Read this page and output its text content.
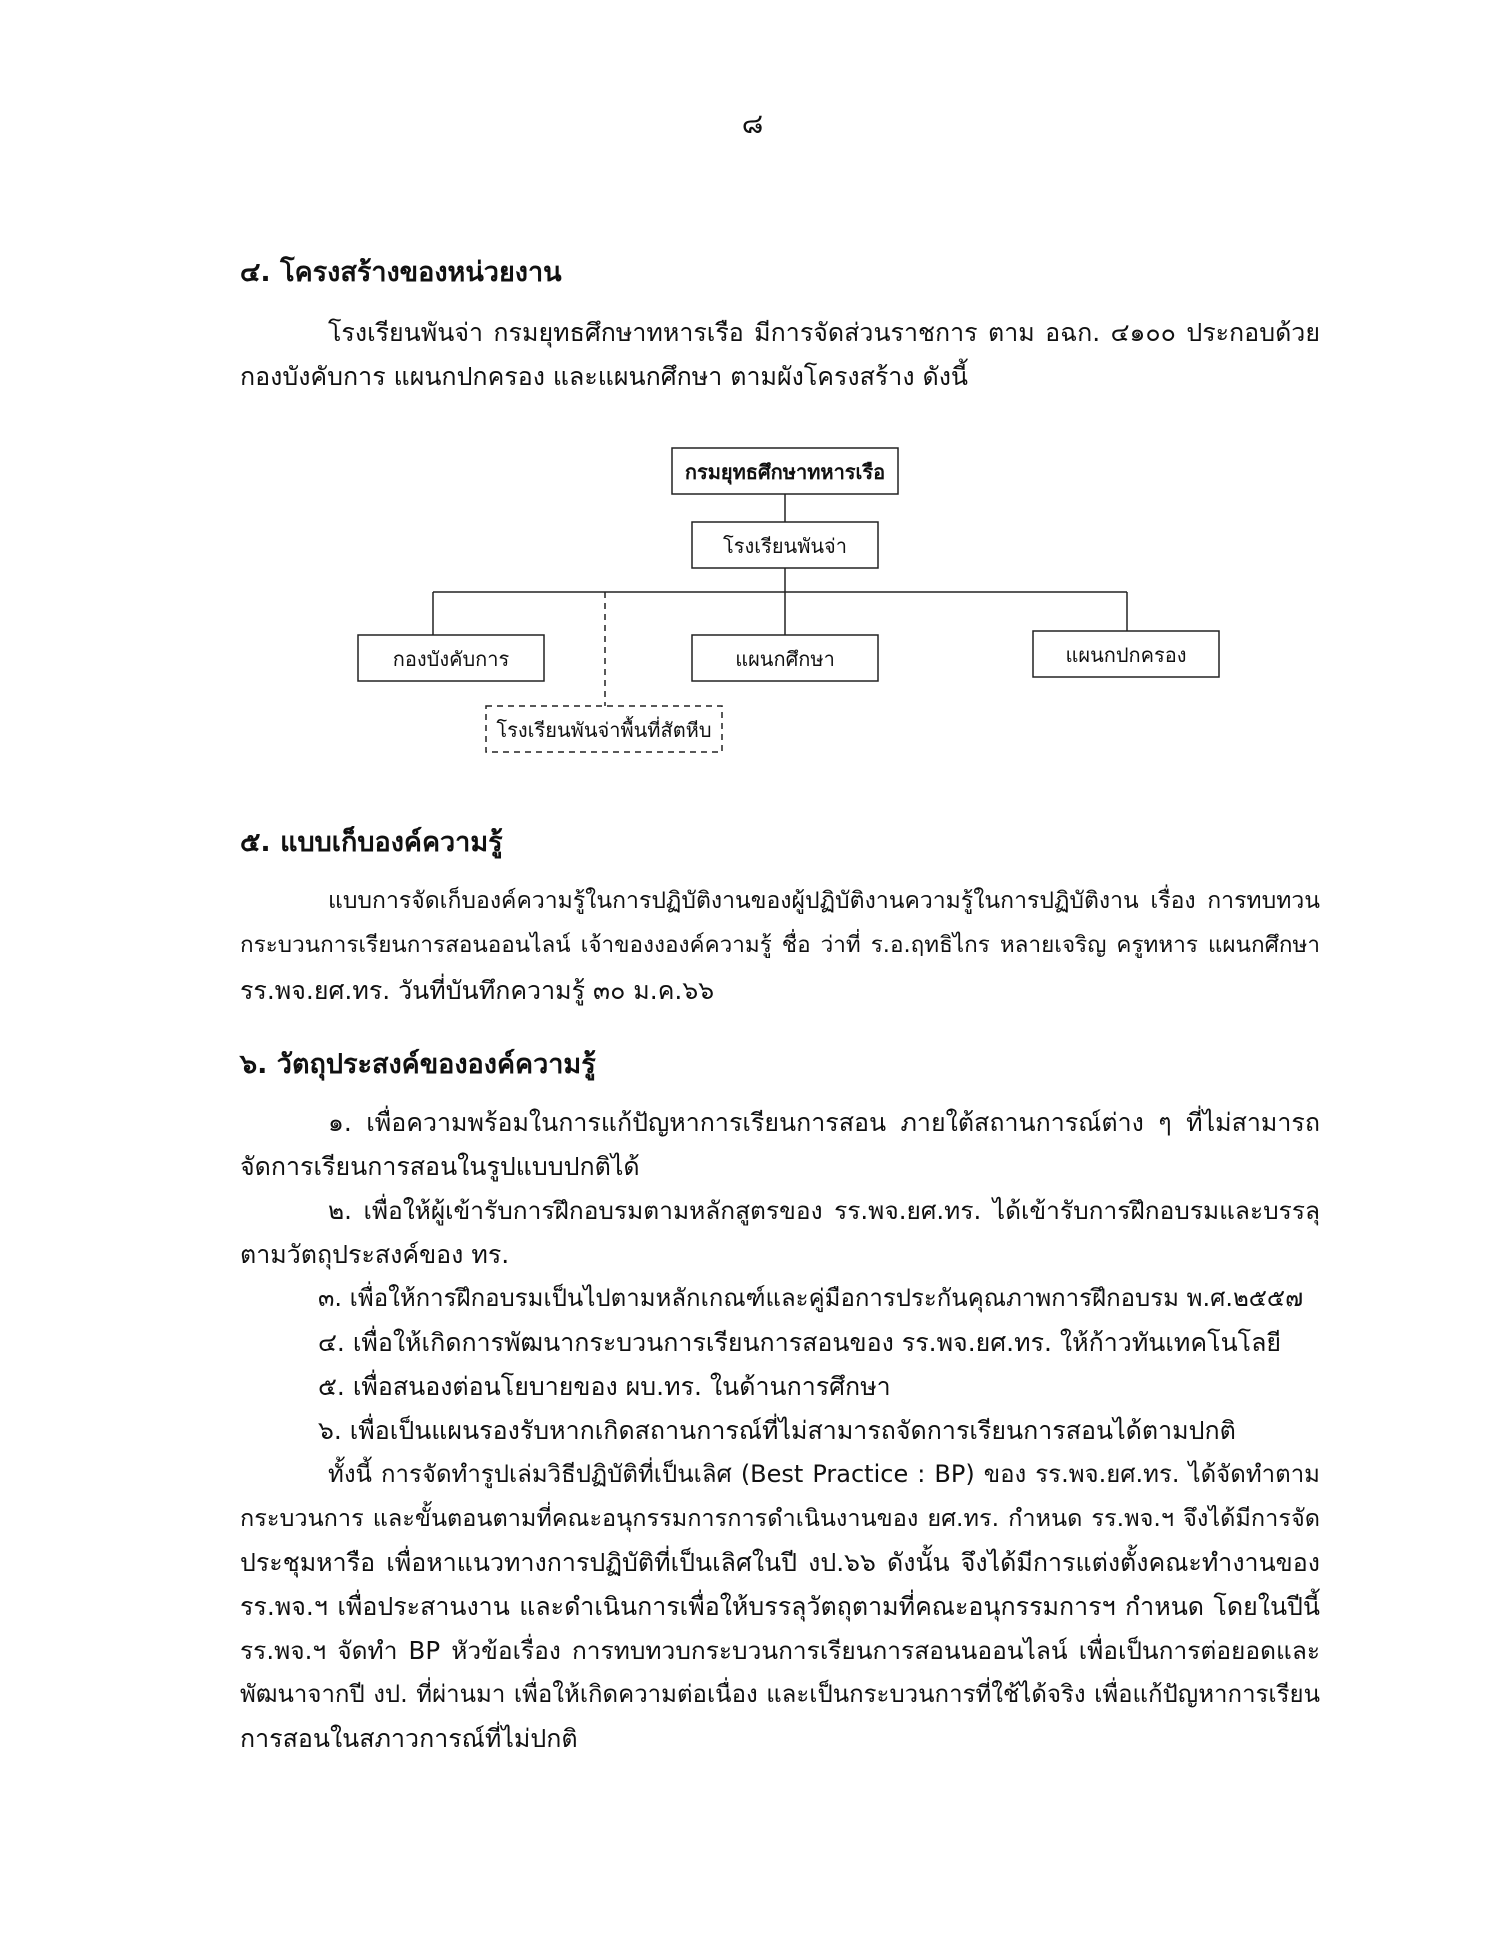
๘
๔. โครงสร้างของหน่วยงาน
โรงเรียนพันจ่า กรมยุทธศึกษาทหารเรือ มีการจัดส่วนราชการ ตาม อฉก. ๔๑๐๐ ประกอบด้วย
กองบังคับการ แผนกปกครอง และแผนกศึกษา ตามผังโครงสร้าง ดังนี้
กรมยุทธศึกษาทหารเรือ
โรงเรียนพันจ่า
กองบังคับการ	แผนกศึกษา	แผนกปกครอง
โรงเรียนพันจ่าพื้นที่สัตหีบ
๕. แบบเก็บองค์ความรู้
แบบการจัดเก็บองค์ความรู้ในการปฏิบัติงานของผู้ปฏิบัติงานความรู้ในการปฏิบัติงาน เรื่อง การทบทวน
กระบวนการเรียนการสอนออนไลน์ เจ้าของงองค์ความรู้ ชื่อ ว่าที่ ร.อ.ฤทธิไกร หลายเจริญ ครูทหาร แผนกศึกษา
รร.พจ.ยศ.ทร. วันที่บันทึกความรู้ ๓๐ ม.ค.๖๖
๖. วัตถุประสงค์ขององค์ความรู้
๑. เพื่อความพร้อมในการแก้ปัญหาการเรียนการสอน ภายใต้สถานการณ์ต่าง ๆ ที่ไม่สามารถ
จัดการเรียนการสอนในรูปแบบปกติได้
๒. เพื่อให้ผู้เข้ารับการฝึกอบรมตามหลักสูตรของ รร.พจ.ยศ.ทร. ได้เข้ารับการฝึกอบรมและบรรลุ
ตามวัตถุประสงค์ของ ทร.
๓. เพื่อให้การฝึกอบรมเป็นไปตามหลักเกณฑ์และคู่มือการประกันคุณภาพการฝึกอบรม พ.ศ.๒๕๕๗
๔. เพื่อให้เกิดการพัฒนากระบวนการเรียนการสอนของ รร.พจ.ยศ.ทร. ให้ก้าวทันเทคโนโลยี
๕. เพื่อสนองต่อนโยบายของ ผบ.ทร. ในด้านการศึกษา
๖. เพื่อเป็นแผนรองรับหากเกิดสถานการณ์ที่ไม่สามารถจัดการเรียนการสอนได้ตามปกติ
ทั้งนี้ การจัดทำรูปเล่มวิธีปฏิบัติที่เป็นเลิศ (Best Practice : BP) ของ รร.พจ.ยศ.ทร. ได้จัดทำตาม
กระบวนการ และขั้นตอนตามที่คณะอนุกรรมการการดำเนินงานของ ยศ.ทร. กำหนด รร.พจ.ฯ จึงได้มีการจัด
ประชุมหารือ เพื่อหาแนวทางการปฏิบัติที่เป็นเลิศในปี งป.๖๖ ดังนั้น จึงได้มีการแต่งตั้งคณะทำงานของ
รร.พจ.ฯ เพื่อประสานงาน และดำเนินการเพื่อให้บรรลุวัตถุตามที่คณะอนุกรรมการฯ กำหนด โดยในปีนี้
รร.พจ.ฯ จัดทำ BP หัวข้อเรื่อง การทบทวบกระบวนการเรียนการสอนนออนไลน์ เพื่อเป็นการต่อยอดและ
พัฒนาจากปี งป. ที่ผ่านมา เพื่อให้เกิดความต่อเนื่อง และเป็นกระบวนการที่ใช้ได้จริง เพื่อแก้ปัญหาการเรียน
การสอนในสภาวการณ์ที่ไม่ปกติ
